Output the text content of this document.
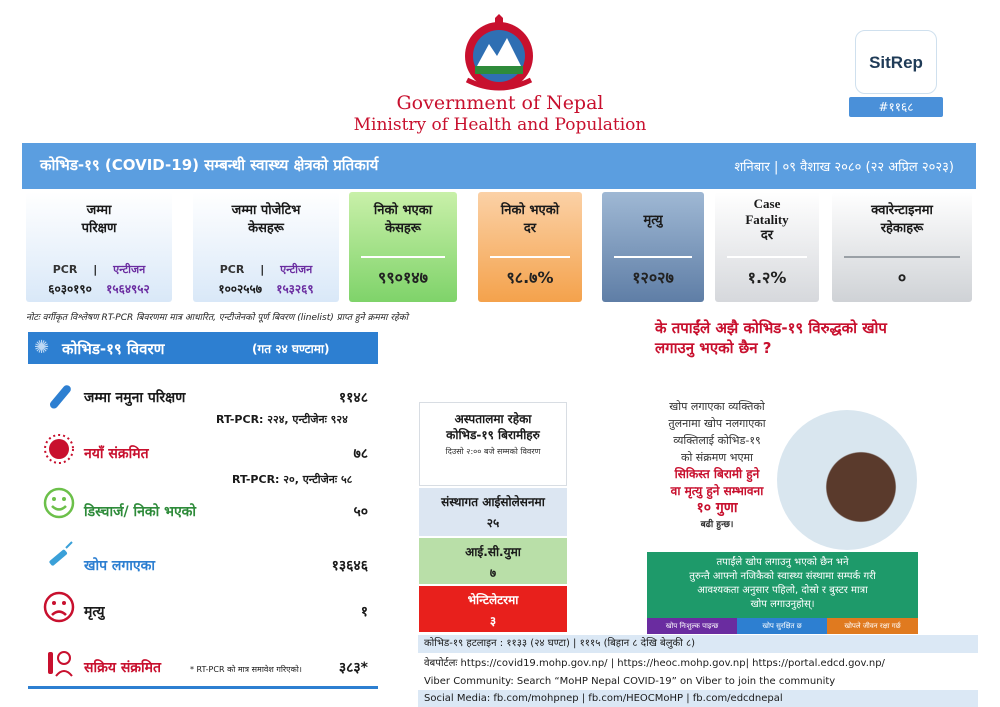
Government of Nepal
Ministry of Health and Population
SitRep
#११६८
कोभिड-१९ (COVID-19) सम्बन्धी स्वास्थ्य क्षेत्रको प्रतिकार्य	शनिबार | ०९ वैशाख २०८० (२२ अप्रिल २०२३)
जम्मा
परिक्षण
PCR | एन्टीजन
६०३०१९० १५६४९५२
जम्मा पोजेटिभ
केसहरू
PCR | एन्टीजन
१००२५५७ १५३२६९
निको भएका
केसहरू
९९०१४७
निको भएको
दर
९८.७%
मृत्यु
१२०२७
Case
Fatality
दर
१.२%
क्वारेन्टाइनमा
रहेकाहरू
०
नोटः वर्गीकृत विश्लेषण RT-PCR बिवरणमा मात्र आधारित, एन्टीजेनको पूर्ण बिवरण (linelist) प्राप्त हुने क्रममा रहेको
✺ कोभिड-१९ विवरण	(गत २४ घण्टामा)
जम्मा नमुना परिक्षण	११४८
RT-PCR: २२४, एन्टीजेनः ९२४
नयाँ संक्रमित	७८
RT-PCR: २०, एन्टीजेनः ५८
डिस्चार्ज/ निको भएको	५०
खोप लगाएका	१३६४६
मृत्यु	१
सक्रिय संक्रमित	* RT-PCR को मात्र समावेश गरिएको।	३८३*
अस्पतालमा रहेका
कोभिड-१९ बिरामीहरु
दिउसो २:०० बजे सम्मको विवरण
संस्थागत आईसोलेसनमा
२५
आई.सी.युमा
७
भेन्टिलेटरमा
३
के तपाईंले अझै कोभिड-१९ विरुद्धको खोप लगाउनु भएको छैन ?
खोप लगाएका व्यक्तिको
तुलनामा खोप नलगाएका
व्यक्तिलाई कोभिड-१९
को संक्रमण भएमा
सिकिस्त बिरामी हुने
वा मृत्यु हुने सम्भावना
१० गुणा
बढी हुन्छ।
तपाईंले खोप लगाउनु भएको छैन भने
तुरुन्तै आफ्नो नजिकैको स्वास्थ्य संस्थामा सम्पर्क गरी
आवश्यकता अनुसार पहिलो, दोस्रो र बुस्टर मात्रा
खोप लगाउनुहोस्।
खोप निःशुल्क पाइन्छ	खोप सुरक्षित छ	खोपले जीवन रक्षा गर्छ
कोभिड-१९ हटलाइन : ११३३ (२४ घण्टा) | १११५ (बिहान ८ देखि बेलुकी ८)
वेबपोर्टलः https://covid19.mohp.gov.np/ | https://heoc.mohp.gov.np| https://portal.edcd.gov.np/
Viber Community: Search “MoHP Nepal COVID-19” on Viber to join the community
Social Media: fb.com/mohpnep | fb.com/HEOCMoHP | fb.com/edcdnepal
